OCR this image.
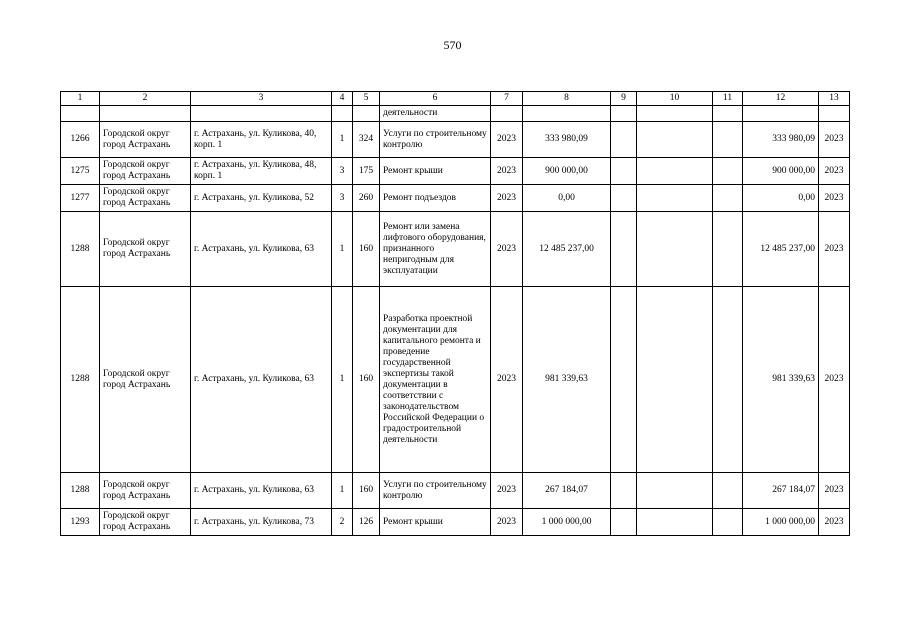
570
1	2	3	4	5	6	7	8	9	10	11	12	13
					деятельности							
1266	Городской округ город Астрахань	г. Астрахань, ул. Куликова, 40, корп. 1	1	324	Услуги по строительному контролю	2023	333 980,09				333 980,09	2023
1275	Городской округ город Астрахань	г. Астрахань, ул. Куликова, 48, корп. 1	3	175	Ремонт крыши	2023	900 000,00				900 000,00	2023
1277	Городской округ город Астрахань	г. Астрахань, ул. Куликова, 52	3	260	Ремонт подъездов	2023	0,00				0,00	2023
1288	Городской округ город Астрахань	г. Астрахань, ул. Куликова, 63	1	160	Ремонт или замена лифтового оборудования, признанного непригодным для эксплуатации	2023	12 485 237,00				12 485 237,00	2023
1288	Городской округ город Астрахань	г. Астрахань, ул. Куликова, 63	1	160	Разработка проектной документации для капитального ремонта и проведение государственной экспертизы такой документации в соответствии с законодательством Российской Федерации о градостроительной деятельности	2023	981 339,63				981 339,63	2023
1288	Городской округ город Астрахань	г. Астрахань, ул. Куликова, 63	1	160	Услуги по строительному контролю	2023	267 184,07				267 184,07	2023
1293	Городской округ город Астрахань	г. Астрахань, ул. Куликова, 73	2	126	Ремонт крыши	2023	1 000 000,00				1 000 000,00	2023
